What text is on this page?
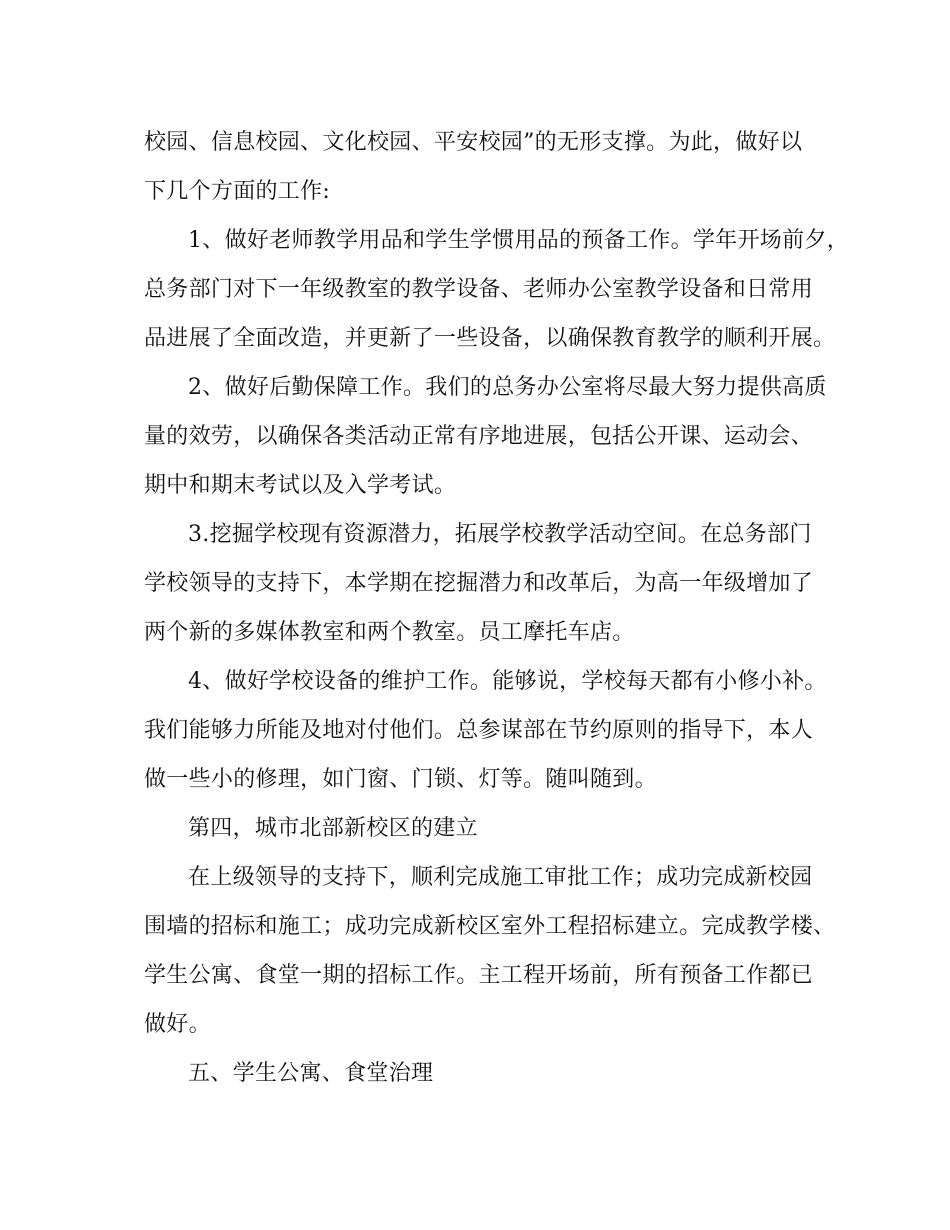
校园、信息校园、文化校园、平安校园”的无形支撑。为此，做好以

下几个方面的工作:

1、做好老师教学用品和学生学惯用品的预备工作。学年开场前夕，

总务部门对下一年级教室的教学设备、老师办公室教学设备和日常用

品进展了全面改造，并更新了一些设备，以确保教育教学的顺利开展。

2、做好后勤保障工作。我们的总务办公室将尽最大努力提供高质

量的效劳，以确保各类活动正常有序地进展，包括公开课、运动会、

期中和期末考试以及入学考试。

3.挖掘学校现有资源潜力，拓展学校教学活动空间。在总务部门

学校领导的支持下，本学期在挖掘潜力和改革后，为高一年级增加了

两个新的多媒体教室和两个教室。员工摩托车店。

4、做好学校设备的维护工作。能够说，学校每天都有小修小补。

我们能够力所能及地对付他们。总参谋部在节约原则的指导下，本人

做一些小的修理，如门窗、门锁、灯等。随叫随到。

第四，城市北部新校区的建立

在上级领导的支持下，顺利完成施工审批工作；成功完成新校园

围墙的招标和施工；成功完成新校区室外工程招标建立。完成教学楼、

学生公寓、食堂一期的招标工作。主工程开场前，所有预备工作都已

做好。

五、学生公寓、食堂治理
